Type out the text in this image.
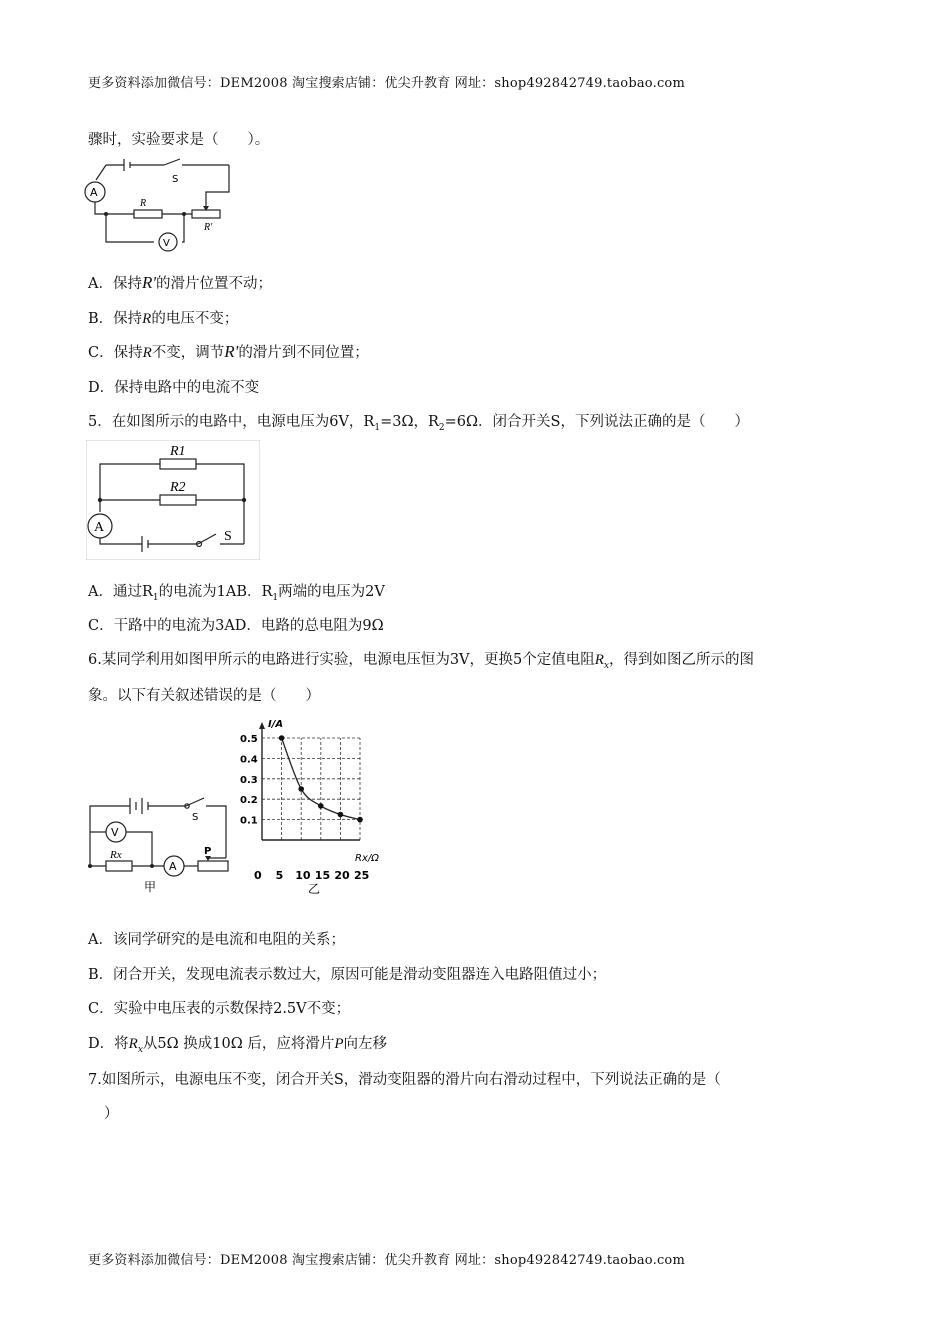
更多资料添加微信号：DEM2008 淘宝搜索店铺：优尖升教育 网址：shop492842749.taobao.com
骤时，实验要求是（　　）。
A
S
R
R'
V
A．保持R'的滑片位置不动；
B．保持R的电压不变；
C．保持R不变，调节R'的滑片到不同位置；
D．保持电路中的电流不变
5．在如图所示的电路中，电源电压为6V，$R_1=3\Omega$，$R_2=6\Omega$．闭合开关S，下列说法正确的是（　　）
R1
R2
A
S
A．通过$R_1$的电流为1AB．$R_1$两端的电压为2V
C．干路中的电流为3AD．电路的总电阻为9Ω
6.某同学利用如图甲所示的电路进行实验，电源电压恒为3V，更换5个定值电阻$R_x$，得到如图乙所示的图
象。以下有关叙述错误的是（　　）
V
S
Rx
A
P
甲
0.5
0.4
0.3
0.2
0.1
5 10 15 20 25
I/A
Rx/Ω
0
乙
A．该同学研究的是电流和电阻的关系；
B．闭合开关，发现电流表示数过大，原因可能是滑动变阻器连入电路阻值过小；
C．实验中电压表的示数保持2.5V不变；
D．将$R_x$从5Ω 换成10Ω 后，应将滑片P向左移
7.如图所示，电源电压不变，闭合开关S，滑动变阻器的滑片向右滑动过程中，下列说法正确的是（
）
更多资料添加微信号：DEM2008 淘宝搜索店铺：优尖升教育 网址：shop492842749.taobao.com
